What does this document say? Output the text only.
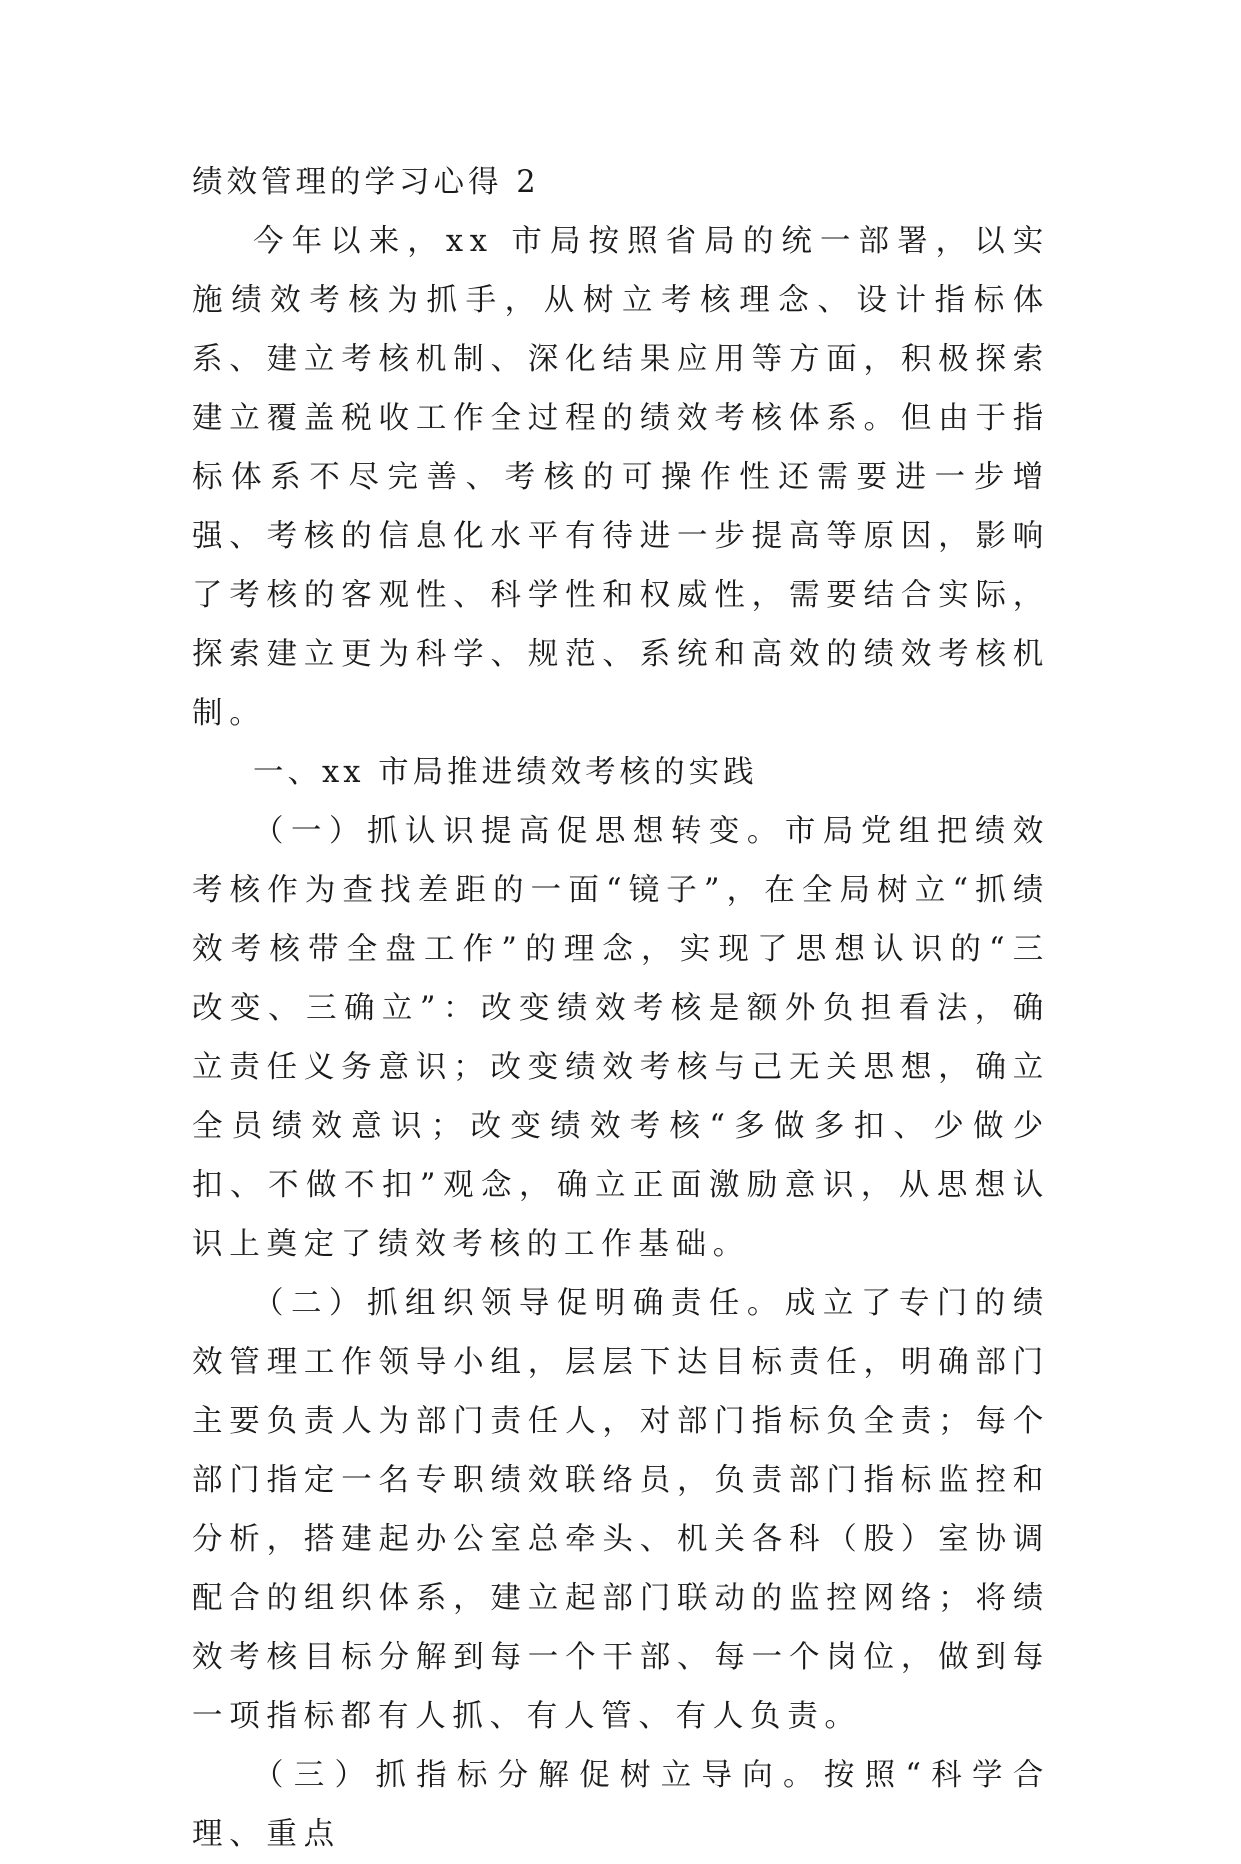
绩效管理的学习心得 2

今年以来，xx 市局按照省局的统一部署，以实施绩效考核为抓手，从树立考核理念、设计指标体系、建立考核机制、深化结果应用等方面，积极探索建立覆盖税收工作全过程的绩效考核体系。但由于指标体系不尽完善、考核的可操作性还需要进一步增强、考核的信息化水平有待进一步提高等原因，影响了考核的客观性、科学性和权威性，需要结合实际，探索建立更为科学、规范、系统和高效的绩效考核机制。

一、xx 市局推进绩效考核的实践

（一）抓认识提高促思想转变。市局党组把绩效考核作为查找差距的一面“镜子”，在全局树立“抓绩效考核带全盘工作”的理念，实现了思想认识的“三改变、三确立”：改变绩效考核是额外负担看法，确立责任义务意识；改变绩效考核与己无关思想，确立全员绩效意识；改变绩效考核“多做多扣、少做少扣、不做不扣”观念，确立正面激励意识，从思想认识上奠定了绩效考核的工作基础。

（二）抓组织领导促明确责任。成立了专门的绩效管理工作领导小组，层层下达目标责任，明确部门主要负责人为部门责任人，对部门指标负全责；每个部门指定一名专职绩效联络员，负责部门指标监控和分析，搭建起办公室总牵头、机关各科（股）室协调配合的组织体系，建立起部门联动的监控网络；将绩效考核目标分解到每一个干部、每一个岗位，做到每一项指标都有人抓、有人管、有人负责。

（三）抓指标分解促树立导向。按照“科学合理、重点
